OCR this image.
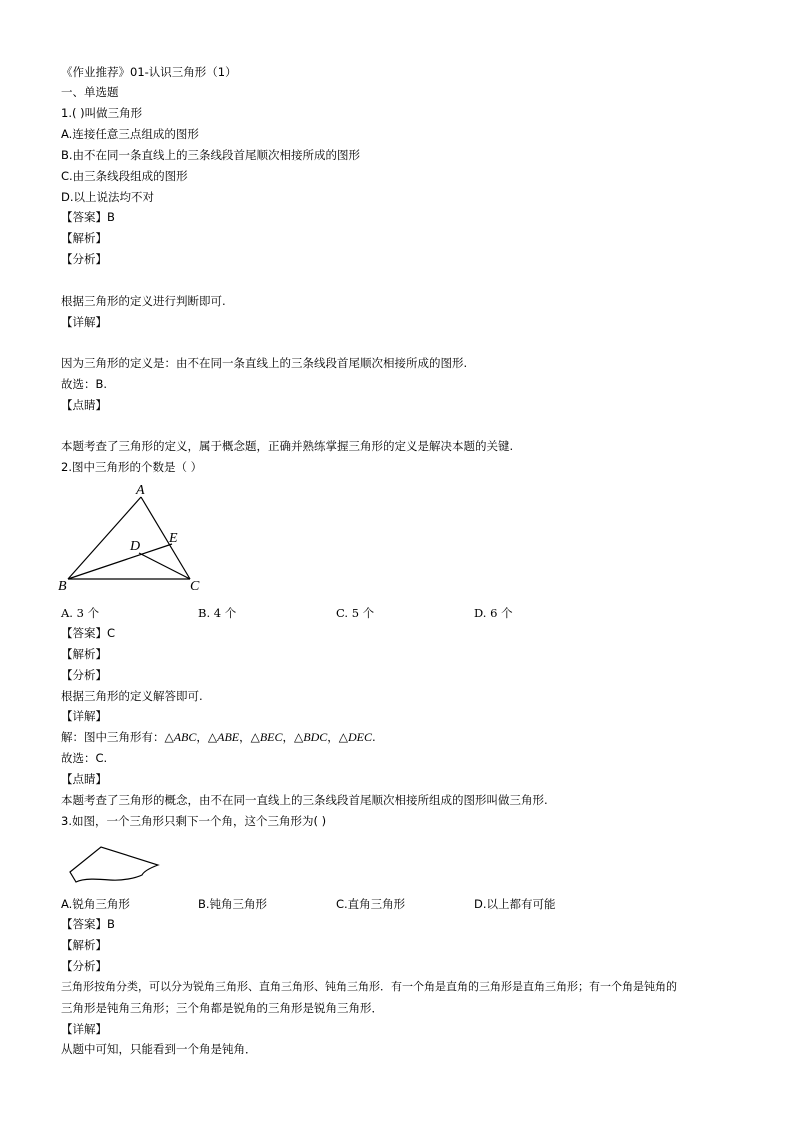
《作业推荐》01-认识三角形（1）
一、单选题
1.( )叫做三角形
A.连接任意三点组成的图形
B.由不在同一条直线上的三条线段首尾顺次相接所成的图形
C.由三条线段组成的图形
D.以上说法均不对
【答案】B
【解析】
【分析】
根据三角形的定义进行判断即可.
【详解】
因为三角形的定义是：由不在同一条直线上的三条线段首尾顺次相接所成的图形.
故选：B.
【点睛】
本题考查了三角形的定义，属于概念题，正确并熟练掌握三角形的定义是解决本题的关键.
2.图中三角形的个数是（ ）
A
B	C
D
E
A. 3 个	B. 4 个	C. 5 个	D. 6 个
【答案】C
【解析】
【分析】
根据三角形的定义解答即可.
【详解】
解：图中三角形有：△ABC，△ABE，△BEC，△BDC，△DEC.
故选：C.
【点睛】
本题考查了三角形的概念，由不在同一直线上的三条线段首尾顺次相接所组成的图形叫做三角形.
3.如图，一个三角形只剩下一个角，这个三角形为( )
A.锐角三角形	B.钝角三角形	C.直角三角形	D.以上都有可能
【答案】B
【解析】
【分析】
三角形按角分类，可以分为锐角三角形、直角三角形、钝角三角形．有一个角是直角的三角形是直角三角形；有一个角是钝角的
三角形是钝角三角形；三个角都是锐角的三角形是锐角三角形．
【详解】
从题中可知，只能看到一个角是钝角．
